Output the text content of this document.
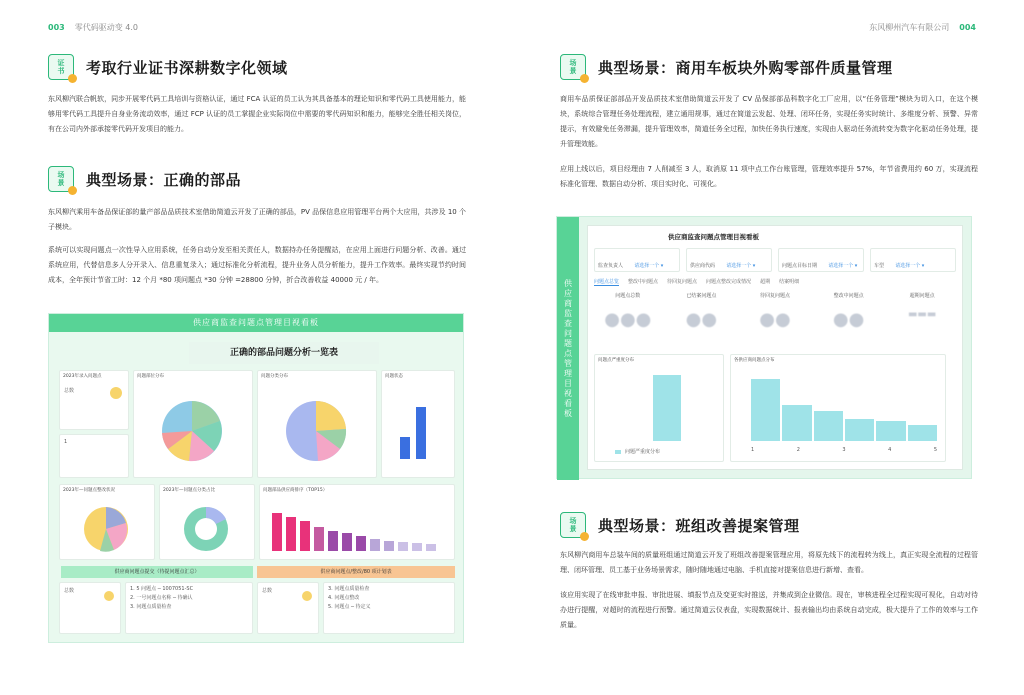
003 零代码驱动变 4.0
证
书 考取行业证书深耕数字化领域

东风柳汽联合帆软，同步开展零代码工具培训与资格认证，通过 FCA 认证的员工认为其具备基本的理论知识和零代码工具使用能力，能够用零代码工具提升自身业务流动效率，通过 FCP 认证的员工掌握企业实际岗位中需要的零代码知识和能力，能够完全胜任相关岗位，有在公司内外部承接零代码开发项目的能力。

场
景 典型场景：正确的部品

东风柳汽乘用车备品保证部的量产部品品质技术室借助简道云开发了正确的部品，PV 品保信息应用管理平台两个大应用，共涉及 10 个子模块。

系统可以实现问题点一次性导入应用系统，任务自动分发至相关责任人，数据持办任务提醒站，在应用上面进行问题分析、改善。通过系统应用，代替信息多人分开录入、信息重复录入；通过标准化分析流程，提升业务人员分析能力，提升工作效率。最终实现节约时间成本，全年预计节省工时：12 个月 *80 项问题点 *30 分钟 =28800 分钟，折合改善收益 40000 元 / 年。

供应商监查问题点管理目视看板
正确的部品问题分析一览表
2023年录入问题点
总数
问题部位分布	问题分类分布	问题状态
1
2023年—问题点整改状况	2023年—问题点分类占比	问题部品供应商排序（TOP15）
供应商问题点提交（待提问题点汇总）	供应商问题点/整改/80 项计划表
总数	1. 5 问题点 ─ 1007051-SC
2. 一号问题点名称 ─ 待确认
3. 问题点质量检查
总数	3. 问题点质量检查
4. 问题点整改
5. 问题点 ─ 待定义
东风柳州汽车有限公司 004
场
景 典型场景：商用车板块外购零部件质量管理

商用车品质保证部部品开发品质技术室借助简道云开发了 CV 品保部部品科数字化工厂应用，以“任务管理”模块为切入口，在这个模块，系统综合管理任务处理流程，建立通用规事，通过在简道云发起、处理、闭环任务，实现任务实时统计、多维度分析、预警、异常提示，有效避免任务滞漏，提升管理效率，简道任务全过程，加快任务执行速度，实现由人驱动任务流转变为数字化驱动任务处理，提升管理效能。

应用上线以后，项目经理由 7 人削减至 3 人，取消原 11 项中点工作台账管理，管理效率提升 57%，年节省费用约 60 万，实现流程标准化管理、数据自动分析、项目实时化、可视化。

供应商监查问题点管理目视看板
供应商监查问题点管理目视看板
监查负责人 请选择一个 ▾	供应商代码 请选择一个 ▾	问题点目标日期 请选择一个 ▾	车型 请选择一个 ▾
问题点总览 整改中问题点 待回复问题点 问题点整改完成情况 超期 结案明细
问题点总数
●●●
已结案问题点
●●
待回复问题点
●●
整改中问题点
●●
超期问题点
▬▬▬
问题点严重度分布
问题严重度分布
各供应商问题点分布
1	2	3	4	5
场
景 典型场景：班组改善提案管理

东风柳汽商用车总装车间的质量班组通过简道云开发了班组改善提案管理应用，将原先线下的流程转为线上，真正实现全流程的过程管理、闭环管理、员工基于业务场景需求，随时随地通过电脑、手机直接对提案信息进行新增、查看。

该应用实现了在线审批申报、审批进展、填报节点及变更实时推送，并集成到企业微信。现在，审核进程全过程实现可视化，自动对待办进行提醒，对超时的流程进行预警。通过简道云仪表盘，实现数据统计、报表输出均由系统自动完成，极大提升了工作的效率与工作质量。
